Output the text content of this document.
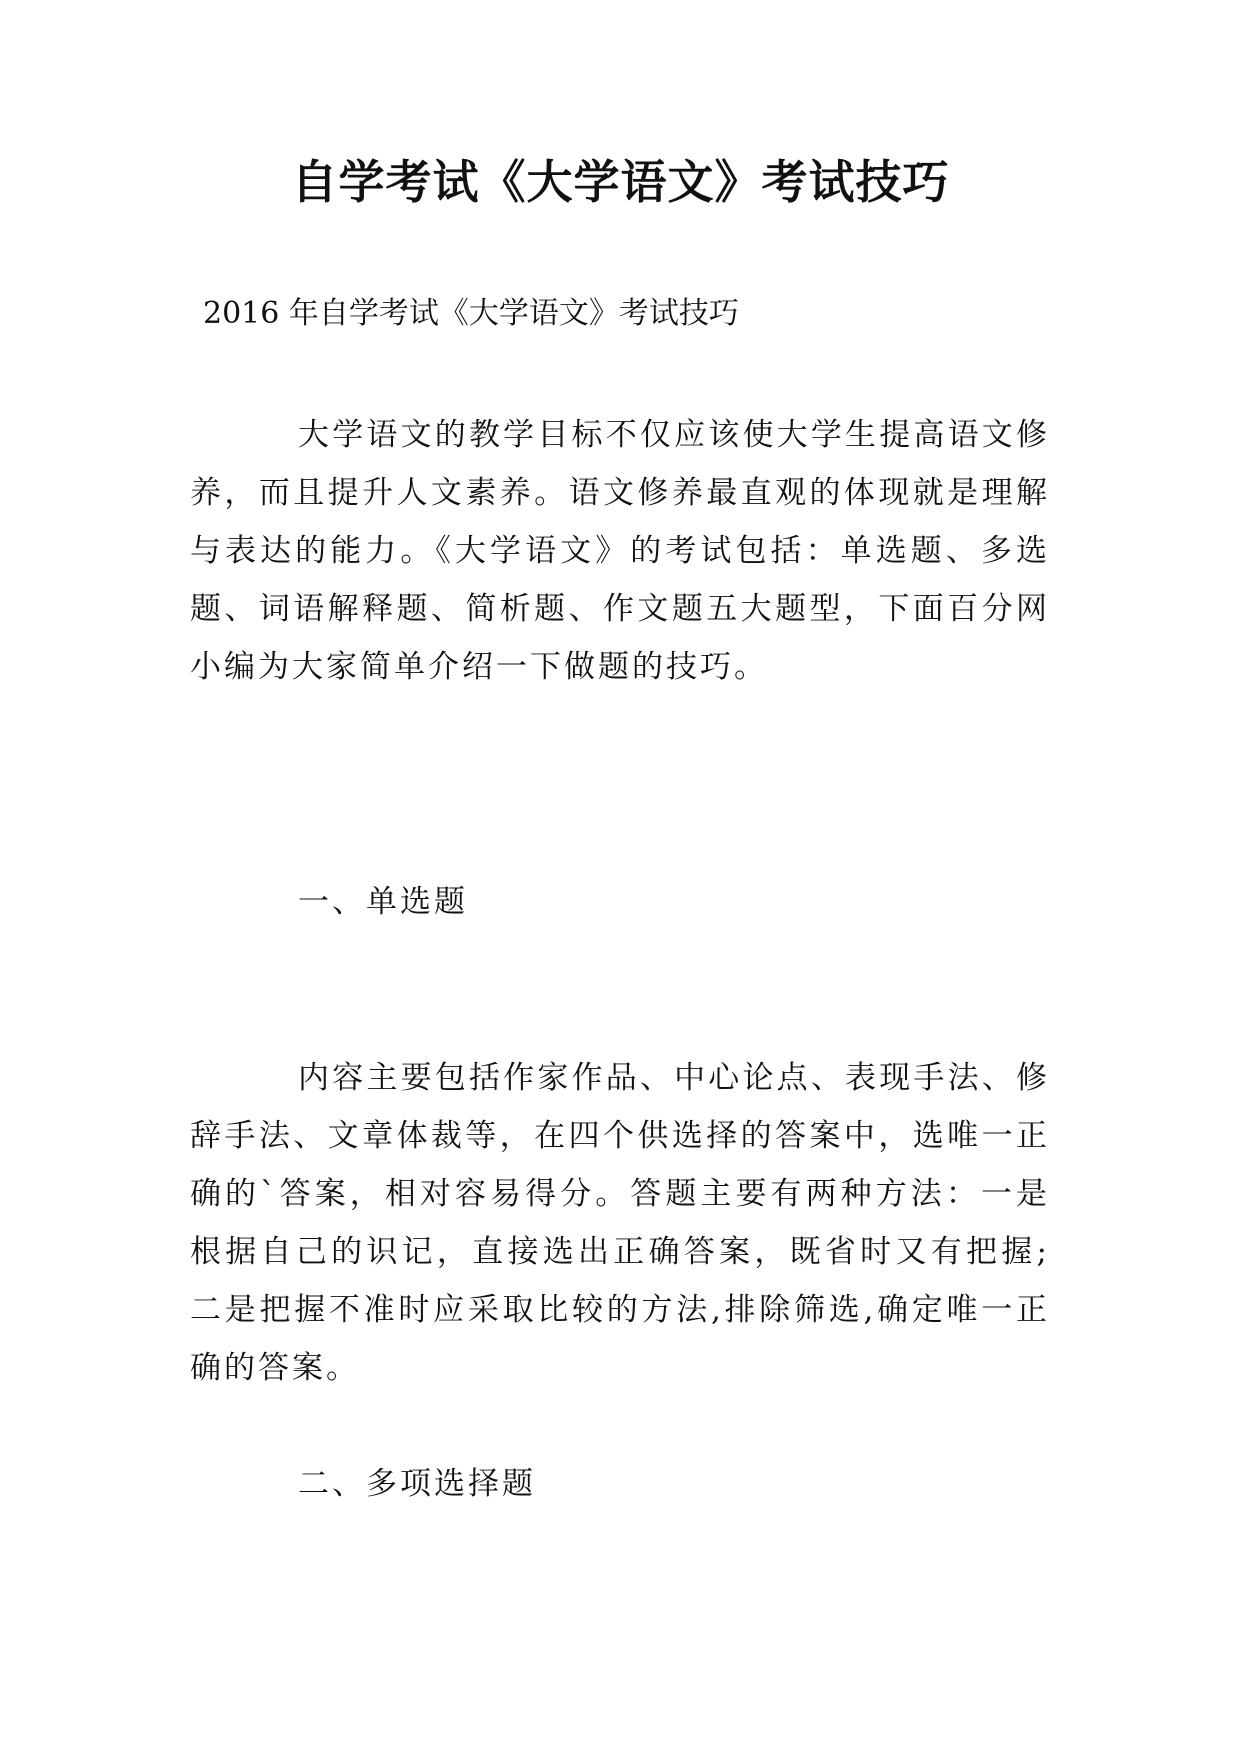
自学考试《大学语文》考试技巧

2016 年自学考试《大学语文》考试技巧

大学语文的教学目标不仅应该使大学生提高语文修养，而且提升人文素养。语文修养最直观的体现就是理解与表达的能力。《大学语文》的考试包括：单选题、多选题、词语解释题、简析题、作文题五大题型，下面百分网小编为大家简单介绍一下做题的技巧。

一、单选题

内容主要包括作家作品、中心论点、表现手法、修辞手法、文章体裁等，在四个供选择的答案中，选唯一正确的`答案，相对容易得分。答题主要有两种方法：一是根据自己的识记，直接选出正确答案，既省时又有把握;二是把握不准时应采取比较的方法,排除筛选,确定唯一正确的答案。

二、多项选择题
